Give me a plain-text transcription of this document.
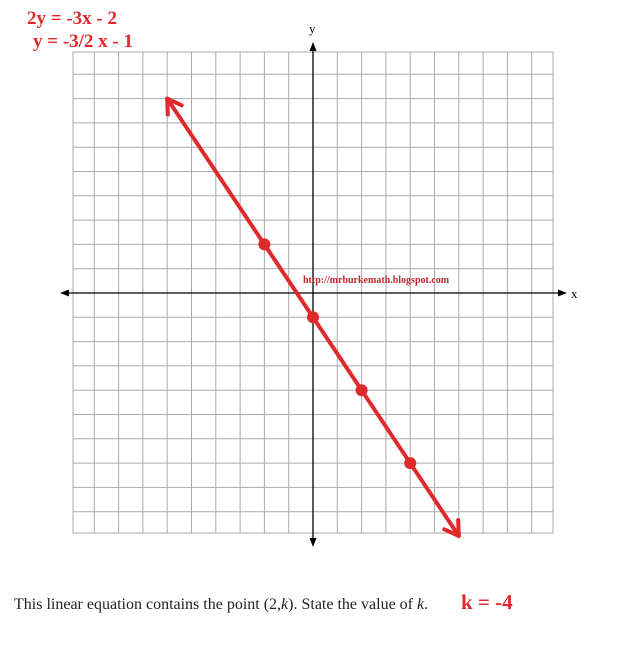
x
y
http://mrburkemath.blogspot.com
2y = -3x - 2
y = -3/2 x - 1
This linear equation contains the point (2,k). State the value of k. k = -4
